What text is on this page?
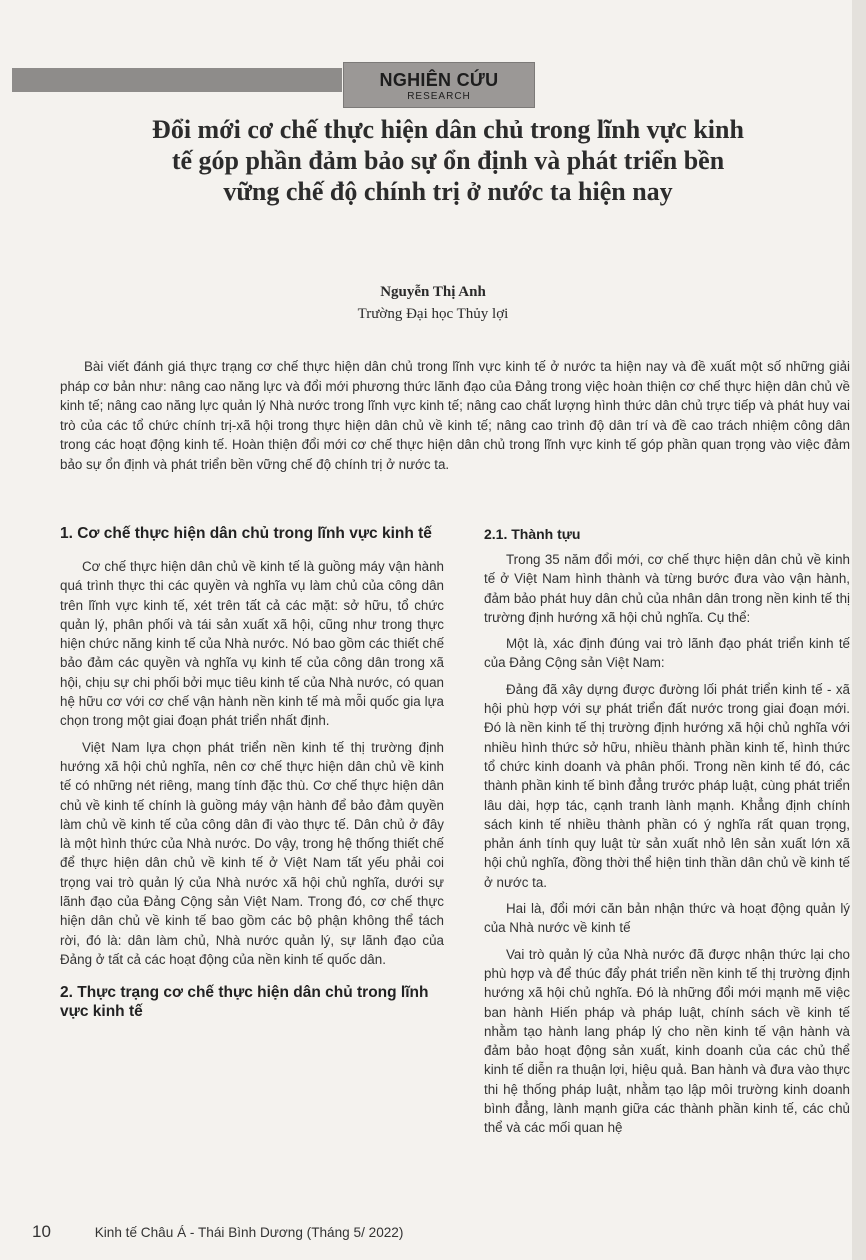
NGHIÊN CỨU
RESEARCH

Đổi mới cơ chế thực hiện dân chủ trong lĩnh vực kinh

tế góp phần đảm bảo sự ổn định và phát triển bền

vững chế độ chính trị ở nước ta hiện nay

Nguyễn Thị Anh
Trường Đại học Thủy lợi

Bài viết đánh giá thực trạng cơ chế thực hiện dân chủ trong lĩnh vực kinh tế ở nước ta hiện nay và đề xuất một số những giải pháp cơ bản như: nâng cao năng lực và đổi mới phương thức lãnh đạo của Đảng trong việc hoàn thiện cơ chế thực hiện dân chủ về kinh tế; nâng cao năng lực quản lý Nhà nước trong lĩnh vực kinh tế; nâng cao chất lượng hình thức dân chủ trực tiếp và phát huy vai trò của các tổ chức chính trị-xã hội trong thực hiện dân chủ về kinh tế; nâng cao trình độ dân trí và đề cao trách nhiệm công dân trong các hoạt động kinh tế. Hoàn thiện đổi mới cơ chế thực hiện dân chủ trong lĩnh vực kinh tế góp phần quan trọng vào việc đảm bảo sự ổn định và phát triển bền vững chế độ chính trị ở nước ta.

1. Cơ chế thực hiện dân chủ trong lĩnh vực kinh tế

Cơ chế thực hiện dân chủ về kinh tế là guồng máy vận hành quá trình thực thi các quyền và nghĩa vụ làm chủ của công dân trên lĩnh vực kinh tế, xét trên tất cả các mặt: sở hữu, tổ chức quản lý, phân phối và tái sản xuất xã hội, cũng như trong thực hiện chức năng kinh tế của Nhà nước. Nó bao gồm các thiết chế bảo đảm các quyền và nghĩa vụ kinh tế của công dân trong xã hội, chịu sự chi phối bởi mục tiêu kinh tế của Nhà nước, có quan hệ hữu cơ với cơ chế vận hành nền kinh tế mà mỗi quốc gia lựa chọn trong một giai đoạn phát triển nhất định.

Việt Nam lựa chọn phát triển nền kinh tế thị trường định hướng xã hội chủ nghĩa, nên cơ chế thực hiện dân chủ về kinh tế có những nét riêng, mang tính đặc thù. Cơ chế thực hiện dân chủ về kinh tế chính là guồng máy vận hành để bảo đảm quyền làm chủ về kinh tế của công dân đi vào thực tế. Dân chủ ở đây là một hình thức của Nhà nước. Do vậy, trong hệ thống thiết chế để thực hiện dân chủ về kinh tế ở Việt Nam tất yếu phải coi trọng vai trò quản lý của Nhà nước xã hội chủ nghĩa, dưới sự lãnh đạo của Đảng Cộng sản Việt Nam. Trong đó, cơ chế thực hiện dân chủ về kinh tế bao gồm các bộ phận không thể tách rời, đó là: dân làm chủ, Nhà nước quản lý, sự lãnh đạo của Đảng ở tất cả các hoạt động của nền kinh tế quốc dân.

2. Thực trạng cơ chế thực hiện dân chủ trong lĩnh vực kinh tế
2.1. Thành tựu

Trong 35 năm đổi mới, cơ chế thực hiện dân chủ về kinh tế ở Việt Nam hình thành và từng bước đưa vào vận hành, đảm bảo phát huy dân chủ của nhân dân trong nền kinh tế thị trường định hướng xã hội chủ nghĩa. Cụ thể:

Một là, xác định đúng vai trò lãnh đạo phát triển kinh tế của Đảng Cộng sản Việt Nam:

Đảng đã xây dựng được đường lối phát triển kinh tế - xã hội phù hợp với sự phát triển đất nước trong giai đoạn mới. Đó là nền kinh tế thị trường định hướng xã hội chủ nghĩa với nhiều hình thức sở hữu, nhiều thành phần kinh tế, hình thức tổ chức kinh doanh và phân phối. Trong nền kinh tế đó, các thành phần kinh tế bình đẳng trước pháp luật, cùng phát triển lâu dài, hợp tác, cạnh tranh lành mạnh. Khẳng định chính sách kinh tế nhiều thành phần có ý nghĩa rất quan trọng, phản ánh tính quy luật từ sản xuất nhỏ lên sản xuất lớn xã hội chủ nghĩa, đồng thời thể hiện tinh thần dân chủ về kinh tế ở nước ta.

Hai là, đổi mới căn bản nhận thức và hoạt động quản lý của Nhà nước về kinh tế

Vai trò quản lý của Nhà nước đã được nhận thức lại cho phù hợp và để thúc đẩy phát triển nền kinh tế thị trường định hướng xã hội chủ nghĩa. Đó là những đổi mới mạnh mẽ việc ban hành Hiến pháp và pháp luật, chính sách về kinh tế nhằm tạo hành lang pháp lý cho nền kinh tế vận hành và đảm bảo hoạt động sản xuất, kinh doanh của các chủ thể kinh tế diễn ra thuận lợi, hiệu quả. Ban hành và đưa vào thực thi hệ thống pháp luật, nhằm tạo lập môi trường kinh doanh bình đẳng, lành mạnh giữa các thành phần kinh tế, các chủ thể và các mối quan hệ

10	Kinh tế Châu Á - Thái Bình Dương (Tháng 5/ 2022)
